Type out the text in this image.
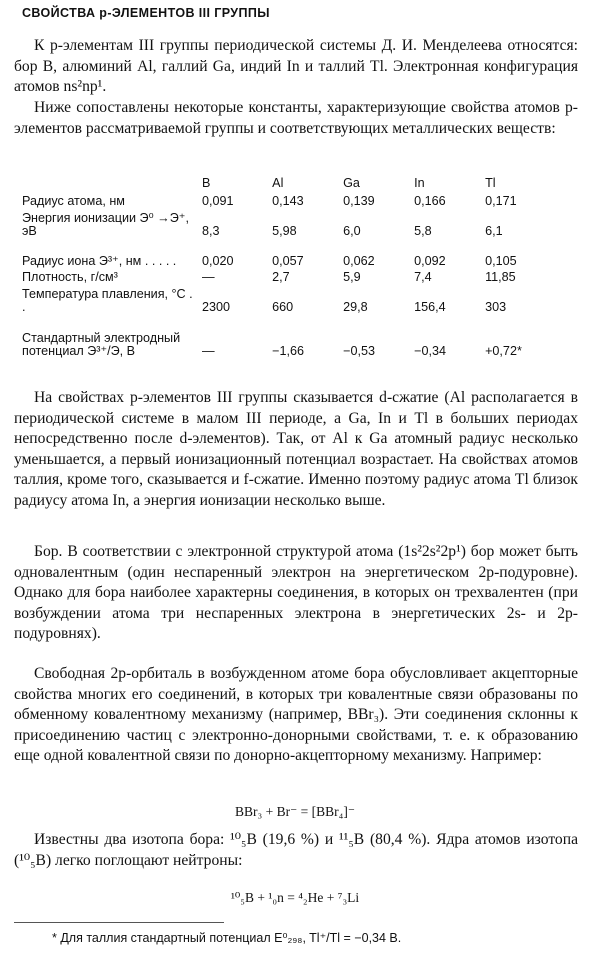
СВОЙСТВА p-ЭЛЕМЕНТОВ III ГРУППЫ

К p-элементам III группы периодической системы Д. И. Менделеева относятся: бор B, алюминий Al, галлий Ga, индий In и таллий Tl. Электронная конфигурация атомов ns²np¹.

Ниже сопоставлены некоторые константы, характеризующие свойства атомов p-элементов рассматриваемой группы и соответствующих металлических веществ:

	B	Al	Ga	In	Tl
Радиус атома, нм	0,091	0,143	0,139	0,166	0,171
Энергия ионизации Э⁰ →Э⁺, эВ	8,3	5,98	6,0	5,8	6,1
Радиус иона Э³⁺, нм . . . . .	0,020	0,057	0,062	0,092	0,105
Плотность, г/см³	—	2,7	5,9	7,4	11,85
Температура плавления, °С . .	2300	660	29,8	156,4	303
Стандартный электродный потенциал Э³⁺/Э, В	—	−1,66	−0,53	−0,34	+0,72*

На свойствах p-элементов III группы сказывается d-сжатие (Al располагается в периодической системе в малом III периоде, а Ga, In и Tl в больших периодах непосредственно после d-элементов). Так, от Al к Ga атомный радиус несколько уменьшается, а первый ионизационный потенциал возрастает. На свойствах атомов таллия, кроме того, сказывается и f-сжатие. Именно поэтому радиус атома Tl близок радиусу атома In, а энергия ионизации несколько выше.

Бор. В соответствии с электронной структурой атома (1s²2s²2p¹) бор может быть одновалентным (один неспаренный электрон на энергетическом 2p-подуровне). Однако для бора наиболее характерны соединения, в которых он трехвалентен (при возбуждении атома три неспаренных электрона в энергетических 2s- и 2p-подуровнях).

Свободная 2p-орбиталь в возбужденном атоме бора обусловливает акцепторные свойства многих его соединений, в которых три ковалентные связи образованы по обменному ковалентному механизму (например, BBr₃). Эти соединения склонны к присоединению частиц с электронно-донорными свойствами, т. е. к образованию еще одной ковалентной связи по донорно-акцепторному механизму. Например:

BBr₃ + Br⁻ = [BBr₄]⁻

Известны два изотопа бора: ¹⁰₅B (19,6 %) и ¹¹₅B (80,4 %). Ядра атомов изотопа (¹⁰₅B) легко поглощают нейтроны:

¹⁰₅B + ¹₀n = ⁴₂He + ⁷₃Li
* Для таллия стандартный потенциал E⁰₂₉₈, Tl⁺/Tl = −0,34 В.
